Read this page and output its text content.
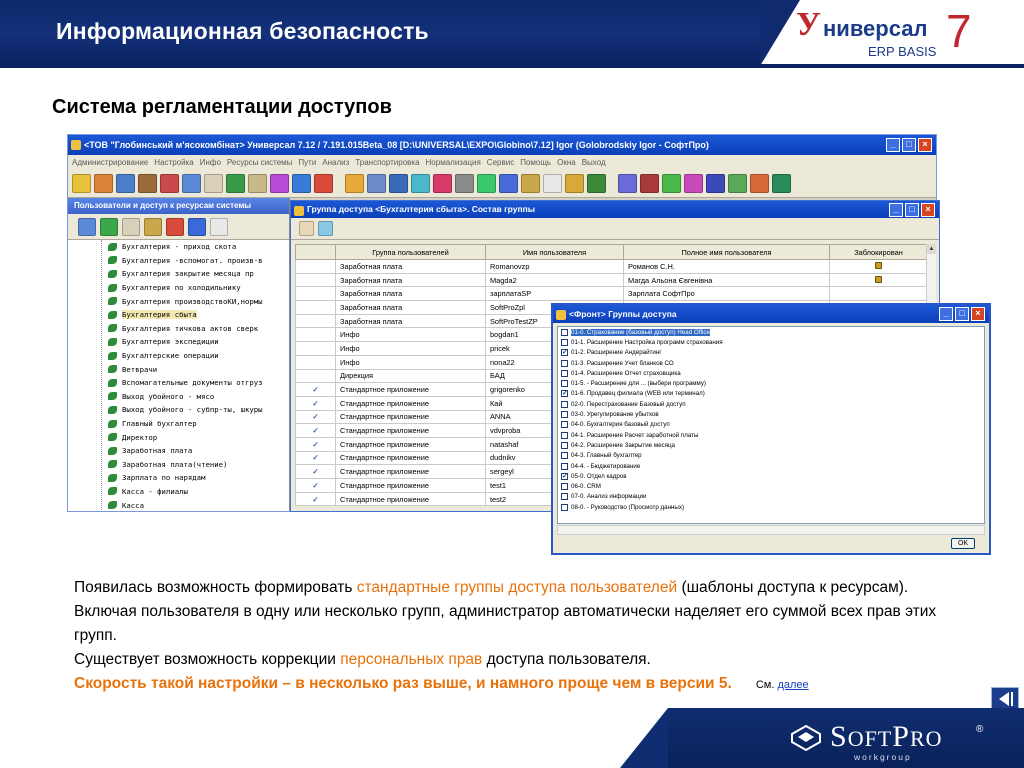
Информационная безопасность	У ниверсал
ERP BASIS 7
Система регламентации доступов
<ТОВ "Глобинський м'ясокомбінат> Универсал 7.12 / 7.191.015Beta_08 [D:\UNIVERSAL\EXPO\Globino\7.12] Igor (Golobrodskiy Igor - СофтПро)	_	□	×
Администрирование Настройка Инфо Ресурсы системы Пути Анализ Транспортировка Нормализация Сервис Помощь Окна Выход
Пользователи и доступ к ресурсам системы
Бухгалтерия - приход скота
Бухгалтерия -вспомогат. произв-в
Бухгалтерия закрытие месяца пр
Бухгалтерия по холодильнику
Бухгалтерия производствоКИ,нормы
Бухгалтерия сбыта
Бухгалтерия тичкова актов сверк
Бухгалтерия экспедиции
Бухгалтерские операции
Ветврачи
Вспомагательные документы отгруз
Выход убойного - мясо
Выход убойного - субпр-ты, шкуры
Главный бухгалтер
Директор
Заработная плата
Заработная плата(чтение)
Зарплата по нарядам
Касса - филиалы
Касса
Группа доступа <Бухгалтерия сбыта>. Состав группы	_	□	×
	Группа пользователей	Имя пользователя	Полное имя пользователя	Заблокирован
	Заработная плата	Romanovzp	Романов С.Н.	
	Заработная плата	Magda2	Магда Альона Євгенівна	
	Заработная плата	зарплатаSP	Зарплата СофтПро	
	Заработная плата	SoftProZpl		
	Заработная плата	SoftProTestZP		
	Инфо	bogdan1		
	Инфо	pricek		
	Инфо	nona22		
	Дирекция	БАД		
✓	Стандартное приложение	grigorenko		
✓	Стандартное приложение	Кай		
✓	Стандартное приложение	ANNA		
✓	Стандартное приложение	vdvproba		
✓	Стандартное приложение	natashaf		
✓	Стандартное приложение	dudnikv		
✓	Стандартное приложение	sergeyl		
✓	Стандартное приложение	test1		
✓	Стандартное приложение	test2		
▲
<Фронт> Группы доступа	_	□	×
01-0. Страхование (базовый доступ) Head Office
01-1. Расширение Настройка программ страхования
✓ 01-2. Расширение Андерайтинг
01-3. Расширение Учет бланков СО
01-4. Расширение Отчет страховщика
01-5. - Расширение для ... (выбери программу)
✓ 01-6. Продавец филиала (WEB или терминал)
02-0. Перестрахование Базовый доступ
03-0. Урегулирование убытков
04-0. Бухгалтерия базовый доступ
04-1. Расширение Расчет заработной платы
04-2. Расширение Закрытие месяца
04-3. Главный бухгалтер
04-4. - Бюджетирование
✓ 05-0. Отдел кадров
06-0. CRM
07-0. Анализ информации
08-0. - Руководство (Просмотр данных)
OK
Появилась возможность формировать стандартные группы доступа пользователей (шаблоны доступа к ресурсам). Включая пользователя в одну или несколько групп, администратор автоматически наделяет его суммой всех прав этих групп.
Существует возможность коррекции персональных прав доступа пользователя.
Скорость такой настройки – в несколько раз выше, и намного проще чем в версии 5. См. далее
SOFTPRO	®
workgroup
